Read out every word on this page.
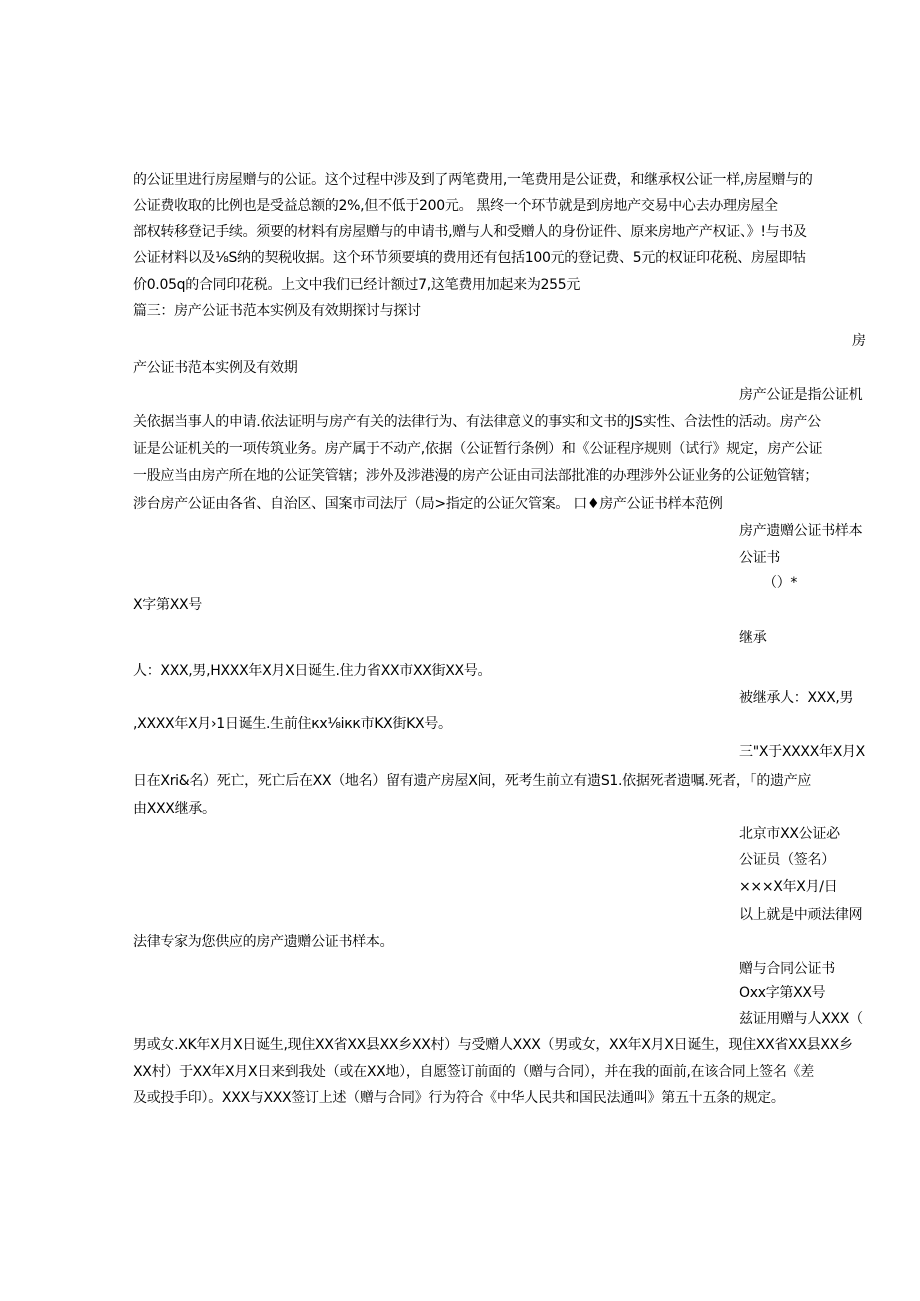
的公证里进行房屋赠与的公证。这个过程中涉及到了两笔费用,一笔费用是公证费，和继承权公证一样,房屋赠与的
公证费收取的比例也是受益总额的2%,但不低于200元。 黑终一个环节就是到房地产交易中心去办理房屋全
部权转移登记手续。须要的材料有房屋赠与的申请书,赠与人和受赠人的身份证件、原来房地产产权证、》!与书及
公证材料以及⅛S纳的契税收据。这个环节须要填的费用还有包括100元的登记费、5元的权证印花税、房屋即牯
价0.05q的合同印花税。上文中我们已经计额过7,这笔费用加起来为255元
篇三：房产公证书范本实例及有效期探讨与探讨
房
产公证书范本实例及有效期
房产公证是指公证机
关依据当事人的申请.依法证明与房产有关的法律行为、有法律意义的事实和文书的JS实性、合法性的活动。房产公
证是公证机关的一项传筑业务。房产属于不动产,依据（公证暂行条例）和《公证程序规则（试行》规定，房产公证
一股应当由房产所在地的公证笑管辖；涉外及涉港漫的房产公证由司法部批准的办理涉外公证业务的公证勉管辖；
涉台房产公证由各省、自治区、国案市司法厅（局>指定的公证欠管案。 口♦房产公证书样本范例
房产遗赠公证书样本
公证书
（）*
X字第XX号
继承
人：XXX,男,HXXX年X月X日诞生.住力省XX市XX街XX号。
被继承人：XXX,男
,XXXX年X月›1日诞生.生前住кх⅛iкк市KX街KX号。
三"X于XXXX年X月X
日在Xri&名）死亡，死亡后在XX（地名）留有遗产房屋X间，死考生前立有遗S1.依据死者遗嘱.死者，「的遗产应
由XXX继承。
北京市XX公证必
公证员（签名）
×××X年X月/日
以上就是中顽法律网
法律专家为您供应的房产遗赠公证书样本。
赠与合同公证书
Oxx字第XX号
兹证用赠与人XXX（
男或女.XK年X月X日诞生,现住XX省XX县XX乡XX村）与受赠人XXX（男或女，XX年X月X日诞生，现住XX省XX县XX乡
XX村）于XX年X月X日来到我处（或在XX地），自愿签订前面的（赠与合同），并在我的面前,在该合同上签名《差
及或投手印）。XXX与XXX签订上述（赠与合同》行为符合《中华人民共和国民法通叫》第五十五条的规定。
